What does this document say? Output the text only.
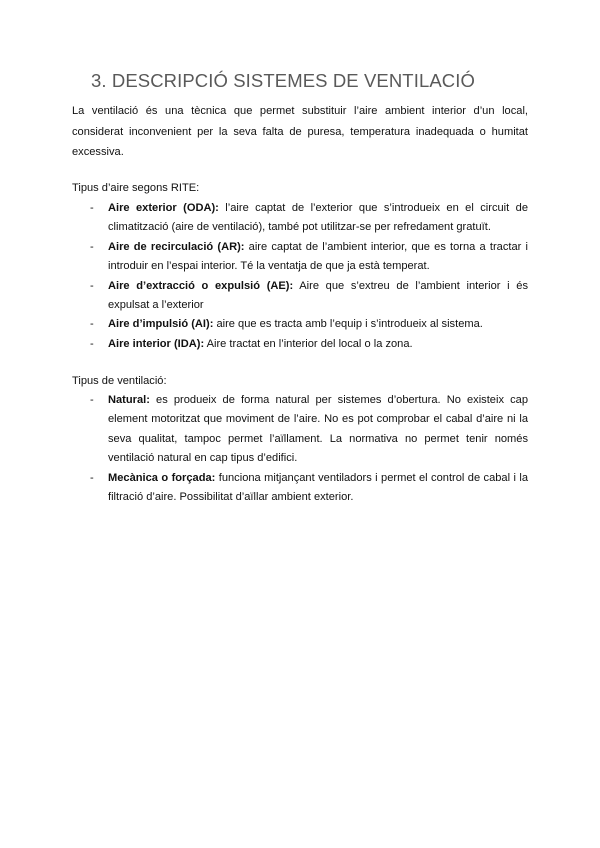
3. DESCRIPCIÓ SISTEMES DE VENTILACIÓ

La ventilació és una tècnica que permet substituir l’aire ambient interior d’un local, considerat inconvenient per la seva falta de puresa, temperatura inadequada o humitat excessiva.

Tipus d’aire segons RITE:

- Aire exterior (ODA): l’aire captat de l’exterior que s’introdueix en el circuit de climatització (aire de ventilació), també pot utilitzar-se per refredament gratuït.
- Aire de recirculació (AR): aire captat de l’ambient interior, que es torna a tractar i introduir en l’espai interior. Té la ventatja de que ja està temperat.
- Aire d’extracció o expulsió (AE): Aire que s’extreu de l’ambient interior i és expulsat a l’exterior
- Aire d’impulsió (AI): aire que es tracta amb l’equip i s’introdueix al sistema.
- Aire interior (IDA): Aire tractat en l’interior del local o la zona.

Tipus de ventilació:

- Natural: es produeix de forma natural per sistemes d’obertura. No existeix cap element motoritzat que moviment de l’aire. No es pot comprobar el cabal d’aire ni la seva qualitat, tampoc permet l’aïllament. La normativa no permet tenir només ventilació natural en cap tipus d’edifici.
- Mecànica o forçada: funciona mitjançant ventiladors i permet el control de cabal i la filtració d’aire. Possibilitat d’aïllar ambient exterior.
